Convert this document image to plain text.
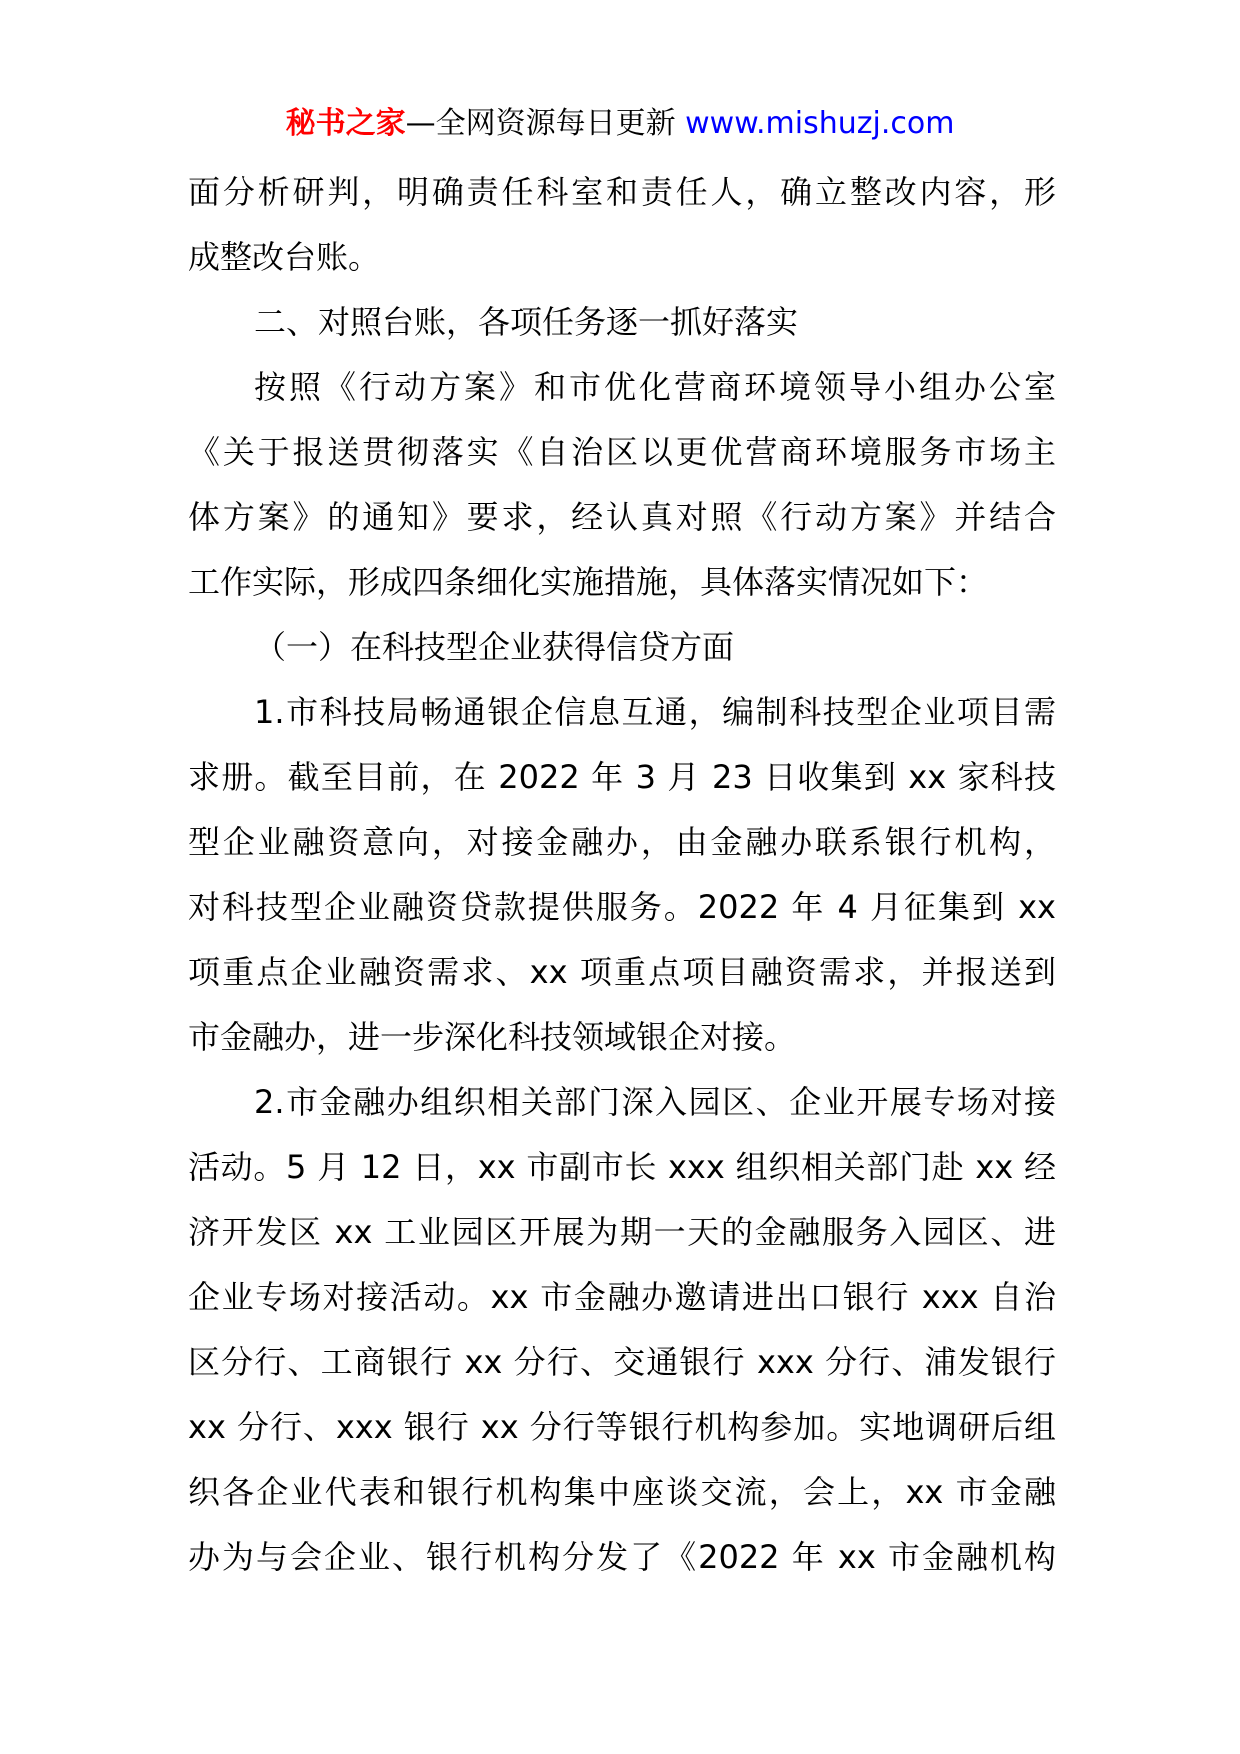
秘书之家—全网资源每日更新 www.mishuzj.com
面分析研判，明确责任科室和责任人，确立整改内容，形
成整改台账。
二、对照台账，各项任务逐一抓好落实
按照《行动方案》和市优化营商环境领导小组办公室
《关于报送贯彻落实《自治区以更优营商环境服务市场主
体方案》的通知》要求，经认真对照《行动方案》并结合
工作实际，形成四条细化实施措施，具体落实情况如下：
（一）在科技型企业获得信贷方面
1.市科技局畅通银企信息互通，编制科技型企业项目需
求册。截至目前，在 2022 年 3 月 23 日收集到 xx 家科技
型企业融资意向，对接金融办，由金融办联系银行机构，
对科技型企业融资贷款提供服务。2022 年 4 月征集到 xx
项重点企业融资需求、xx 项重点项目融资需求，并报送到
市金融办，进一步深化科技领域银企对接。
2.市金融办组织相关部门深入园区、企业开展专场对接
活动。5 月 12 日，xx 市副市长 xxx 组织相关部门赴 xx 经
济开发区 xx 工业园区开展为期一天的金融服务入园区、进
企业专场对接活动。xx 市金融办邀请进出口银行 xxx 自治
区分行、工商银行 xx 分行、交通银行 xxx 分行、浦发银行
xx 分行、xxx 银行 xx 分行等银行机构参加。实地调研后组
织各企业代表和银行机构集中座谈交流，会上，xx 市金融
办为与会企业、银行机构分发了《2022 年 xx 市金融机构
